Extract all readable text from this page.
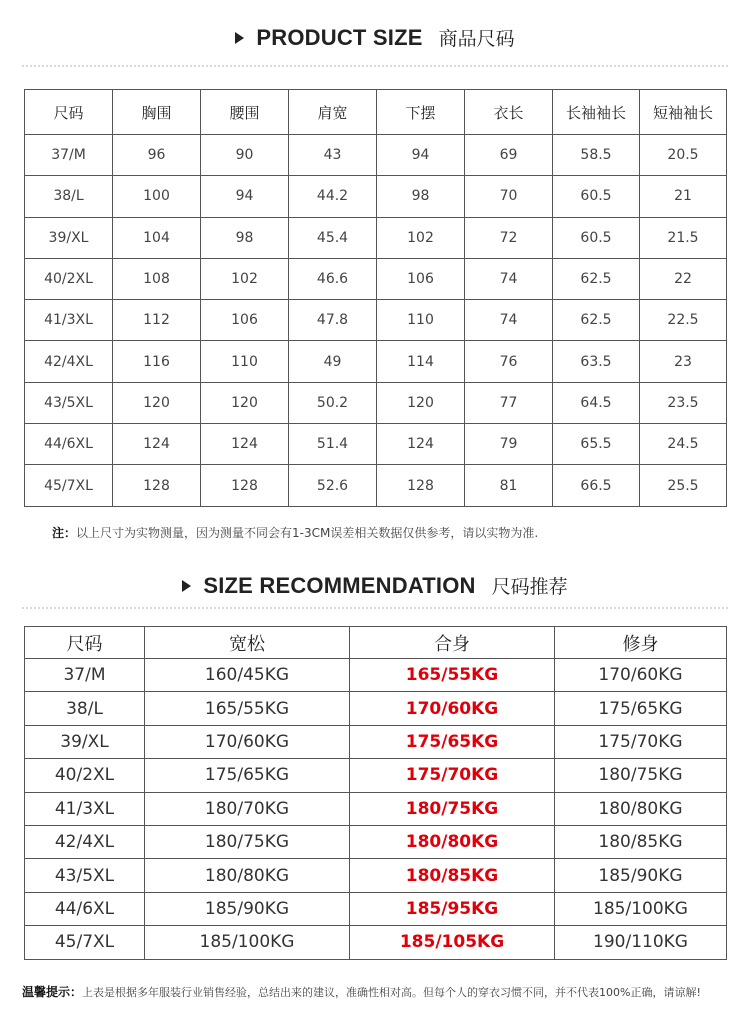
PRODUCT SIZE 商品尺码
尺码	胸围	腰围	肩宽	下摆	衣长	长袖袖长	短袖袖长
37/M	96	90	43	94	69	58.5	20.5
38/L	100	94	44.2	98	70	60.5	21
39/XL	104	98	45.4	102	72	60.5	21.5
40/2XL	108	102	46.6	106	74	62.5	22
41/3XL	112	106	47.8	110	74	62.5	22.5
42/4XL	116	110	49	114	76	63.5	23
43/5XL	120	120	50.2	120	77	64.5	23.5
44/6XL	124	124	51.4	124	79	65.5	24.5
45/7XL	128	128	52.6	128	81	66.5	25.5
注：以上尺寸为实物测量，因为测量不同会有1-3CM误差相关数据仅供参考，请以实物为准.
SIZE RECOMMENDATION 尺码推荐
尺码	宽松	合身	修身
37/M	160/45KG	165/55KG	170/60KG
38/L	165/55KG	170/60KG	175/65KG
39/XL	170/60KG	175/65KG	175/70KG
40/2XL	175/65KG	175/70KG	180/75KG
41/3XL	180/70KG	180/75KG	180/80KG
42/4XL	180/75KG	180/80KG	180/85KG
43/5XL	180/80KG	180/85KG	185/90KG
44/6XL	185/90KG	185/95KG	185/100KG
45/7XL	185/100KG	185/105KG	190/110KG
温馨提示：上表是根据多年服装行业销售经验，总结出来的建议，准确性相对高。但每个人的穿衣习惯不同，并不代表100%正确，请谅解!
